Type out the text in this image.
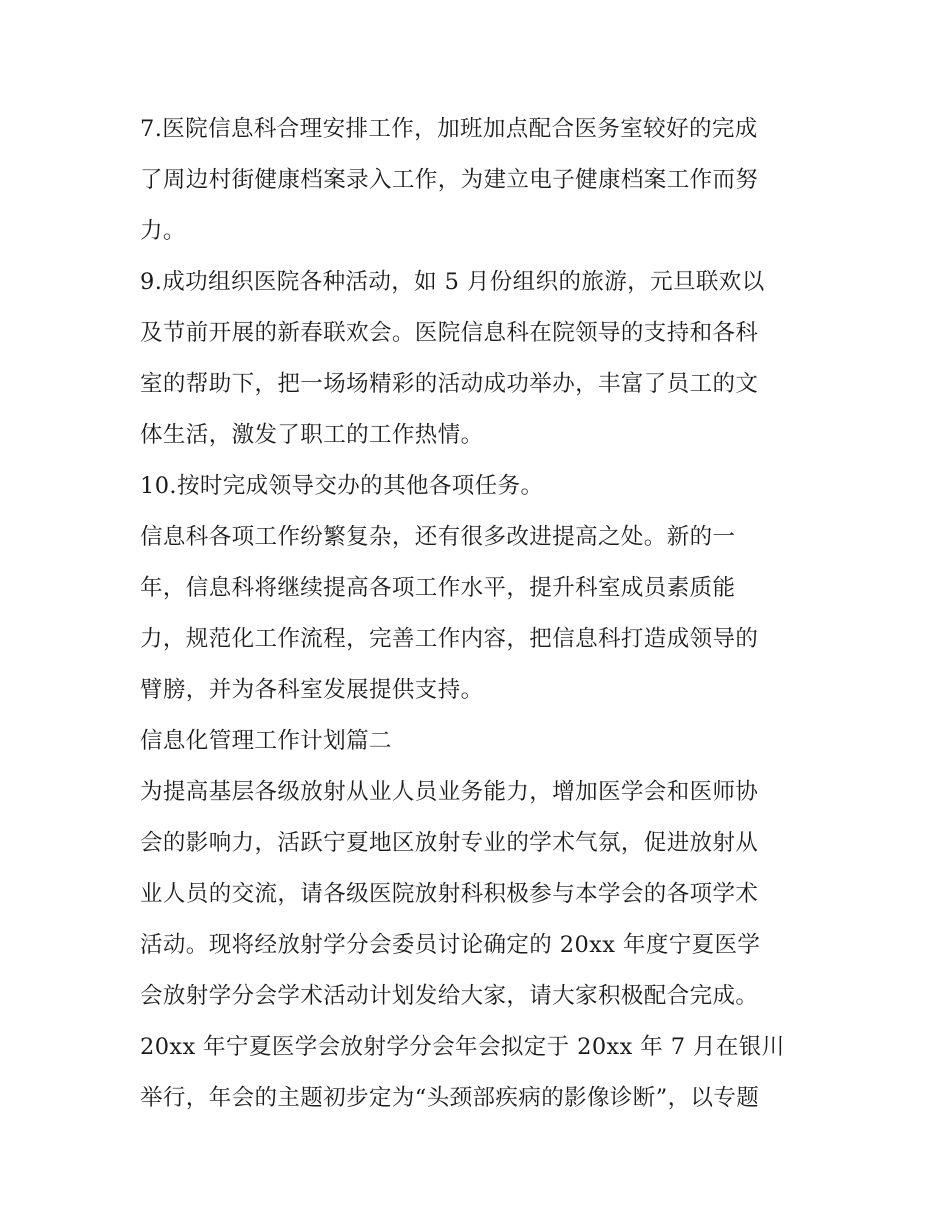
7.医院信息科合理安排工作，加班加点配合医务室较好的完成
了周边村街健康档案录入工作，为建立电子健康档案工作而努
力。
9.成功组织医院各种活动，如 5 月份组织的旅游，元旦联欢以
及节前开展的新春联欢会。医院信息科在院领导的支持和各科
室的帮助下，把一场场精彩的活动成功举办，丰富了员工的文
体生活，激发了职工的工作热情。
10.按时完成领导交办的其他各项任务。
信息科各项工作纷繁复杂，还有很多改进提高之处。新的一
年，信息科将继续提高各项工作水平，提升科室成员素质能
力，规范化工作流程，完善工作内容，把信息科打造成领导的
臂膀，并为各科室发展提供支持。
信息化管理工作计划篇二
为提高基层各级放射从业人员业务能力，增加医学会和医师协
会的影响力，活跃宁夏地区放射专业的学术气氛，促进放射从
业人员的交流，请各级医院放射科积极参与本学会的各项学术
活动。现将经放射学分会委员讨论确定的 20xx 年度宁夏医学
会放射学分会学术活动计划发给大家，请大家积极配合完成。
20xx 年宁夏医学会放射学分会年会拟定于 20xx 年 7 月在银川
举行，年会的主题初步定为“头颈部疾病的影像诊断”，以专题
